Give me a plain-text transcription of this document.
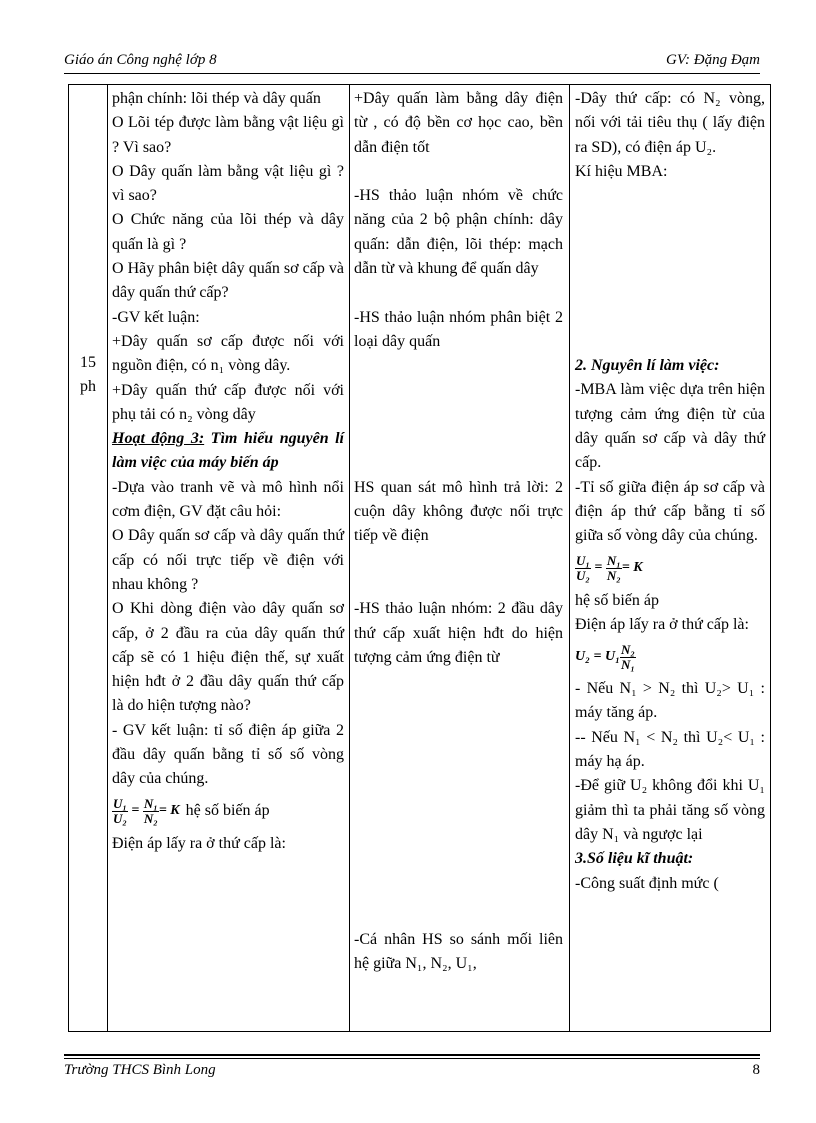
Giáo án Công nghệ lớp 8	GV: Đặng Đạm
15
ph

phận chính: lõi thép và dây quấn

O Lõi tép được làm bằng vật liệu gì ? Vì sao?

O Dây quấn làm bằng vật liệu gì ? vì sao?

O Chức năng của lõi thép và dây quấn là gì ?

O Hãy phân biệt dây quấn sơ cấp và dây quấn thứ cấp?

-GV kết luận:

+Dây quấn sơ cấp được nối với nguồn điện, có n₁ vòng dây.

+Dây quấn thứ cấp được nối với phụ tải có n₂ vòng dây

Hoạt động 3: Tìm hiểu nguyên lí làm việc của máy biến áp

-Dựa vào tranh vẽ và mô hình nổi cơm điện, GV đặt câu hỏi:

O Dây quấn sơ cấp và dây quấn thứ cấp có nối trực tiếp về điện với nhau không ?

O Khi dòng điện vào dây quấn sơ cấp, ở 2 đầu ra của dây quấn thứ cấp sẽ có 1 hiệu điện thế, sự xuất hiện hđt ở 2 đầu dây quấn thứ cấp là do hiện tượng nào?

- GV kết luận: tỉ số điện áp giữa 2 đầu dây quấn bằng tỉ số số vòng dây của chúng.

$\frac{\text{U₁}}{\text{U₂}} = \frac{\text{N₁}}{\text{N₂}} = K$ hệ số biến áp

Điện áp lấy ra ở thứ cấp là:

+Dây quấn làm bằng dây điện từ , có độ bền cơ học cao, bền dẫn điện tốt

-HS thảo luận nhóm về chức năng của 2 bộ phận chính: dây quấn: dẫn điện, lõi thép: mạch dẫn từ và khung để quấn dây

-HS thảo luận nhóm phân biệt 2 loại dây quấn

HS quan sát mô hình trả lời: 2 cuộn dây không được nối trực tiếp về điện

-HS thảo luận nhóm: 2 đầu dây thứ cấp xuất hiện hđt do hiện tượng cảm ứng điện từ

-Cá nhân HS so sánh mối liên hệ giữa N₁, N₂, U₁,

-Dây thứ cấp: có N₂ vòng, nối với tải tiêu thụ ( lấy điện ra SD), có điện áp U₂.

Kí hiệu MBA:

2. Nguyên lí làm việc:

-MBA làm việc dựa trên hiện tượng cảm ứng điện từ của dây quấn sơ cấp và dây thứ cấp.

-Tỉ số giữa điện áp sơ cấp và điện áp thứ cấp bằng tỉ số giữa số vòng dây của chúng.

$\frac{\text{U₁}}{\text{U₂}} = \frac{\text{N₁}}{\text{N₂}} = K$

hệ số biến áp

Điện áp lấy ra ở thứ cấp là:

$U_2 = U_1 \frac{\text{N₂}}{\text{N₁}}$

- Nếu N₁ > N₂ thì U₂> U₁ : máy tăng áp.

-- Nếu N₁ < N₂ thì U₂< U₁ : máy hạ áp.

-Để giữ U₂ không đổi khi U₁ giảm thì ta phải tăng số vòng dây N₁ và ngược lại

3.Số liệu kĩ thuật:

-Công suất định mức (

Trường THCS Bình Long	8
